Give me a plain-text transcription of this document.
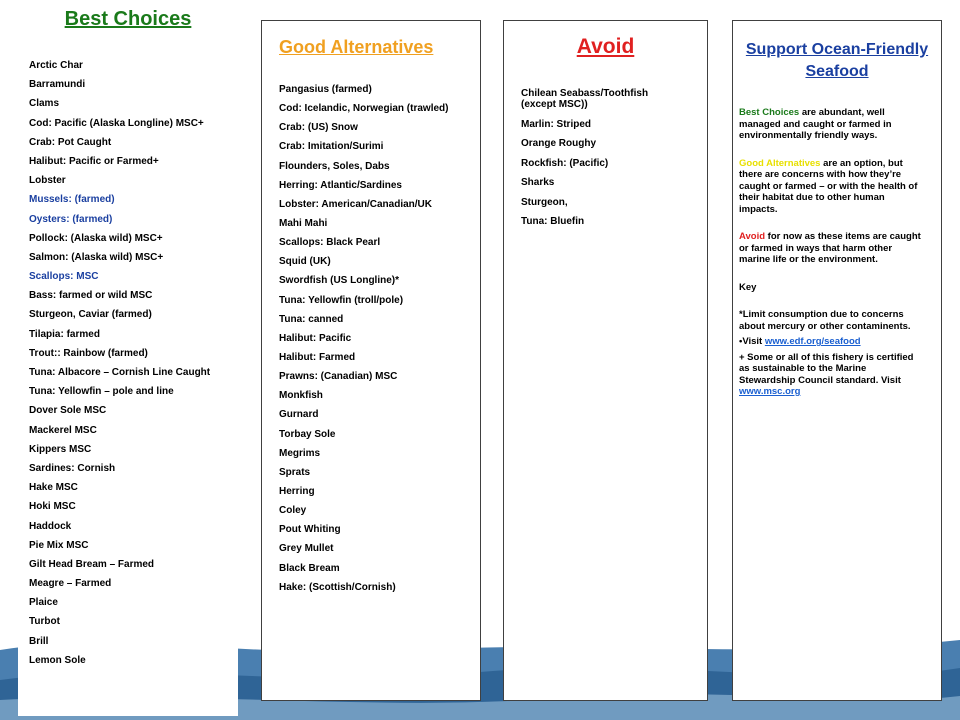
Best Choices
Arctic Char
Barramundi
Clams
Cod: Pacific (Alaska Longline) MSC+
Crab: Pot Caught
Halibut: Pacific or Farmed+
Lobster
Mussels: (farmed)
Oysters: (farmed)
Pollock: (Alaska wild) MSC+
Salmon: (Alaska wild) MSC+
Scallops: MSC
Bass: farmed or wild MSC
Sturgeon, Caviar (farmed)
Tilapia: farmed
Trout:: Rainbow (farmed)
Tuna: Albacore – Cornish Line Caught
Tuna: Yellowfin – pole and line
Dover Sole MSC
Mackerel MSC
Kippers MSC
Sardines: Cornish
Hake MSC
Hoki MSC
Haddock
Pie Mix MSC
Gilt Head Bream – Farmed
Meagre – Farmed
Plaice
Turbot
Brill
Lemon Sole
Good Alternatives
Pangasius (farmed)
Cod: Icelandic, Norwegian (trawled)
Crab: (US) Snow
Crab: Imitation/Surimi
Flounders, Soles, Dabs
Herring: Atlantic/Sardines
Lobster: American/Canadian/UK
Mahi Mahi
Scallops: Black Pearl
Squid (UK)
Swordfish (US Longline)*
Tuna: Yellowfin (troll/pole)
Tuna: canned
Halibut: Pacific
Halibut: Farmed
Prawns: (Canadian) MSC
Monkfish
Gurnard
Torbay Sole
Megrims
Sprats
Herring
Coley
Pout Whiting
Grey Mullet
Black Bream
Hake: (Scottish/Cornish)
Avoid
Chilean Seabass/Toothfish (except MSC))
Marlin: Striped
Orange Roughy
Rockfish: (Pacific)
Sharks
Sturgeon,
Tuna: Bluefin
Support Ocean-Friendly Seafood

Best Choices are abundant, well managed and caught or farmed in environmentally friendly ways.

Good Alternatives are an option, but there are concerns with how they’re caught or farmed – or with the health of their habitat due to other human impacts.

Avoid for now as these items are caught or farmed in ways that harm other marine life or the environment.

Key

*Limit consumption due to concerns about mercury or other contaminents.

•Visit www.edf.org/seafood

+ Some or all of this fishery is certified as sustainable to the Marine Stewardship Council standard. Visit www.msc.org
